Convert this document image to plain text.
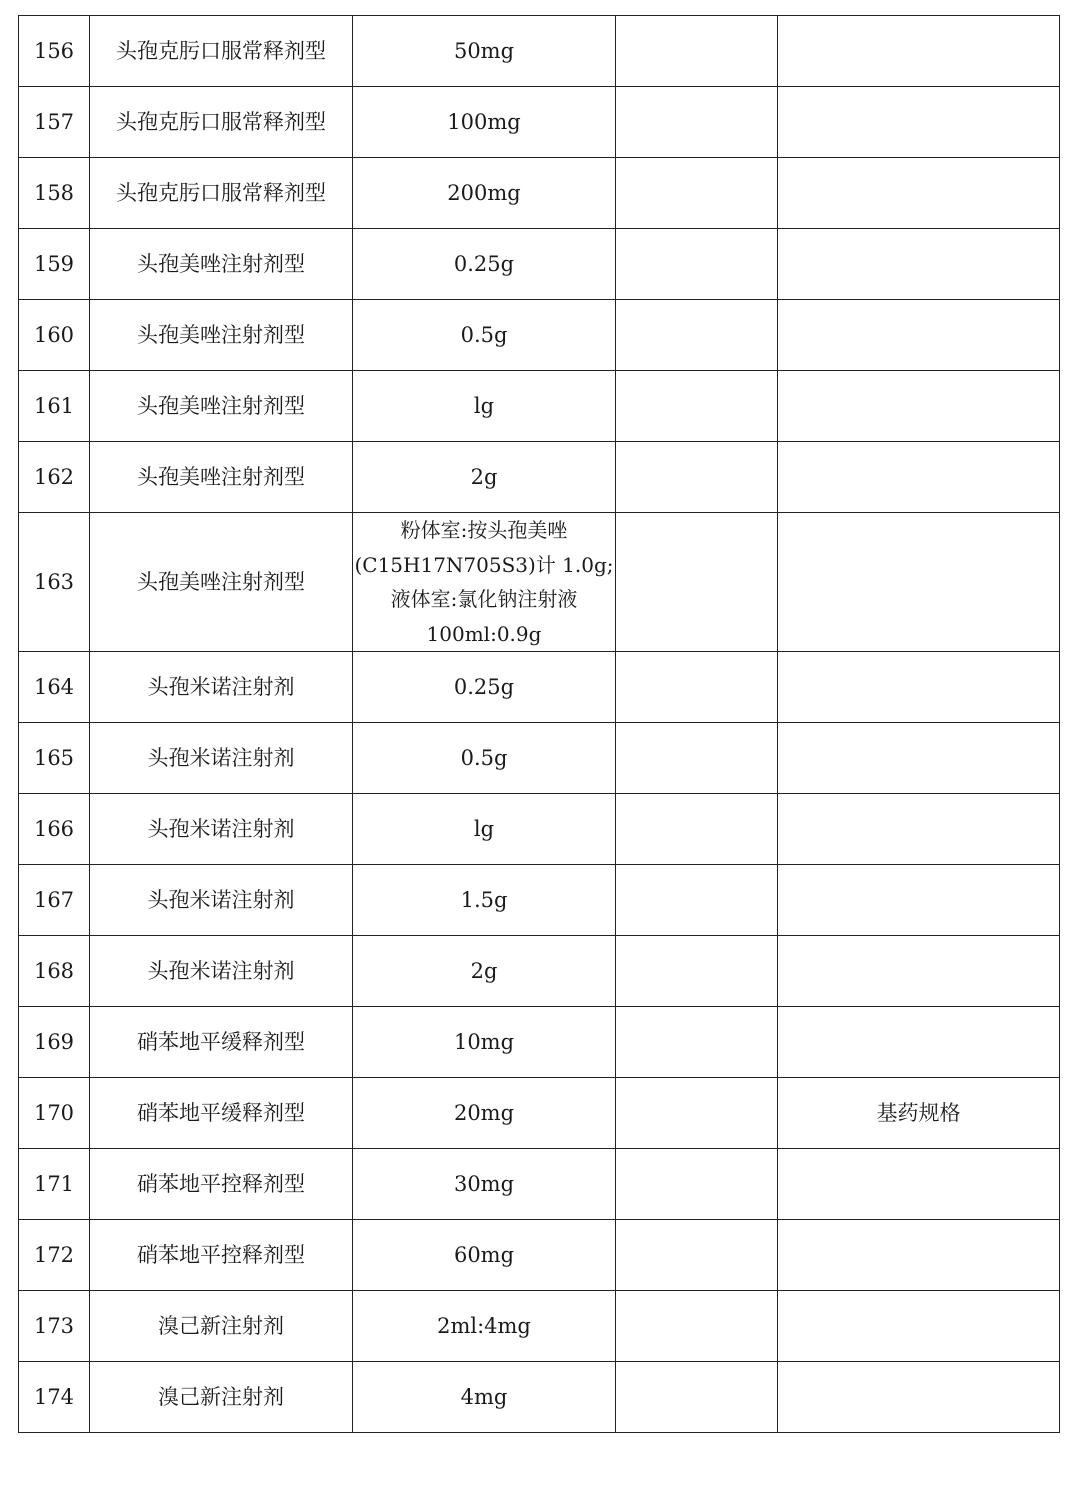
156	头孢克肟口服常释剂型	50mg		

157	头孢克肟口服常释剂型	100mg		

158	头孢克肟口服常释剂型	200mg		

159	头孢美唑注射剂型	0.25g		

160	头孢美唑注射剂型	0.5g		

161	头孢美唑注射剂型	lg		

162	头孢美唑注射剂型	2g		

163	头孢美唑注射剂型	粉体室:按头孢美唑
(C15H17N705S3)计 1.0g;
液体室:氯化钠注射液
100ml:0.9g		

164	头孢米诺注射剂	0.25g		

165	头孢米诺注射剂	0.5g		

166	头孢米诺注射剂	lg		

167	头孢米诺注射剂	1.5g		

168	头孢米诺注射剂	2g		

169	硝苯地平缓释剂型	10mg		

170	硝苯地平缓释剂型	20mg		基药规格
171	硝苯地平控释剂型	30mg		

172	硝苯地平控释剂型	60mg		

173	溴己新注射剂	2ml:4mg		

174	溴己新注射剂	4mg		
